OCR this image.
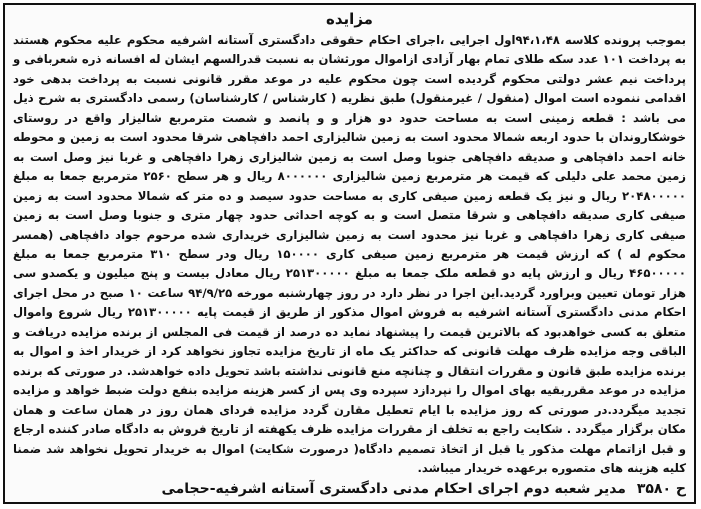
مزایده

بموجب پرونده کلاسه ۹۴،۱،۴۸اول اجرایی ،اجرای احکام حقوقی دادگستری آستانه اشرفیه محکوم علیه محکوم هستند به پرداخت ۱۰۱ عدد سکه طلای تمام بهار آزادی ازاموال مورثشان به نسبت قدرالسهم ایشان له افسانه ذره شعربافی و پرداخت نیم عشر دولتی محکوم گردیده است چون محکوم علیه در موعد مقرر قانونی نسبت به پرداخت بدهی خود اقدامی ننموده است اموال (منقول / غیرمنقول) طبق نظریه ( کارشناس / کارشناسان) رسمی دادگستری به شرح ذیل می باشد : قطعه زمینی است به مساحت حدود دو هزار و و پانصد و شصت مترمربع شالیزار واقع در روستای خوشکاروندان با حدود اربعه شمالا محدود است به زمین شالیزاری احمد دافچاهی شرقا محدود است به زمین و محوطه خانه احمد دافچاهی و صدیقه دافچاهی جنوبا وصل است به زمین شالیزاری زهرا دافچاهی و غربا نیز وصل است به زمین محمد علی دلیلی که قیمت هر مترمربع زمین شالیزاری ۸۰۰۰۰۰۰ ریال و هر سطح ۲۵۶۰ مترمربع جمعا به مبلغ ۲۰۴۸۰۰۰۰۰ ریال و نیز یک قطعه زمین صیفی کاری به مساحت حدود سیصد و ده متر که شمالا محدود است به زمین صیفی کاری صدیقه دافچاهی و شرقا متصل است و به کوچه احداثی حدود چهار متری و جنوبا وصل است به زمین صیفی کاری زهرا دافچاهی و غربا نیز محدود است به زمین شالیزاری خریداری شده مرحوم جواد دافچاهی (همسر محکوم له ) که ارزش قیمت هر مترمربع زمین صیفی کاری ۱۵۰۰۰۰ ریال ودر سطح ۳۱۰ مترمربع جمعا به مبلغ ۴۶۵۰۰۰۰۰ ریال و ارزش پایه دو قطعه ملک جمعا به مبلغ ۲۵۱۳۰۰۰۰۰ ریال معادل بیست و پنج میلیون و یکصدو سی هزار تومان تعیین وبراورد گردید.این اجرا در نظر دارد در روز چهارشنبه مورخه ۹۴/۹/۲۵ ساعت ۱۰ صبح در محل اجرای احکام مدنی دادگستری آستانه اشرفیه به فروش اموال مذکور از طریق از قیمت پایه ۲۵۱۳۰۰۰۰۰ ریال شروع واموال متعلق به کسی خواهدبود که بالاترین قیمت را پیشنهاد نماید ده درصد از قیمت فی المجلس از برنده مزایده دریافت و الباقی وجه مزایده ظرف مهلت قانونی که حداکثر یک ماه از تاریخ مزایده تجاوز نخواهد کرد از خریدار اخذ و اموال به برنده مزایده طبق قانون و مقررات انتقال و چنانچه منع قانونی نداشته باشد تحویل داده خواهدشد. در صورتی که برنده مزایده در موعد مقرربقیه بهای اموال را نپردازد سپرده وی پس از کسر هزینه مزایده بنفع دولت ضبط خواهد و مزایده تجدید میگردد.در صورتی که روز مزایده با ایام تعطیل مقارن گردد مزایده فردای همان روز در همان ساعت و همان مکان برگزار میگردد . شکایت راجع به تخلف از مقررات مزایده ظرف یکهفته از تاریخ فروش به دادگاه صادر کننده ارجاع و قبل ازاتمام مهلت مذکور یا قبل از اتخاذ تصمیم دادگاه( درصورت شکایت) اموال به خریدار تحویل نخواهد شد ضمنا کلیه هزینه های متصوره برعهده خریدار میباشد.

ح ۳۵۸۰ مدیر شعبه دوم اجرای احکام مدنی دادگستری آستانه اشرفیه-حجامی
